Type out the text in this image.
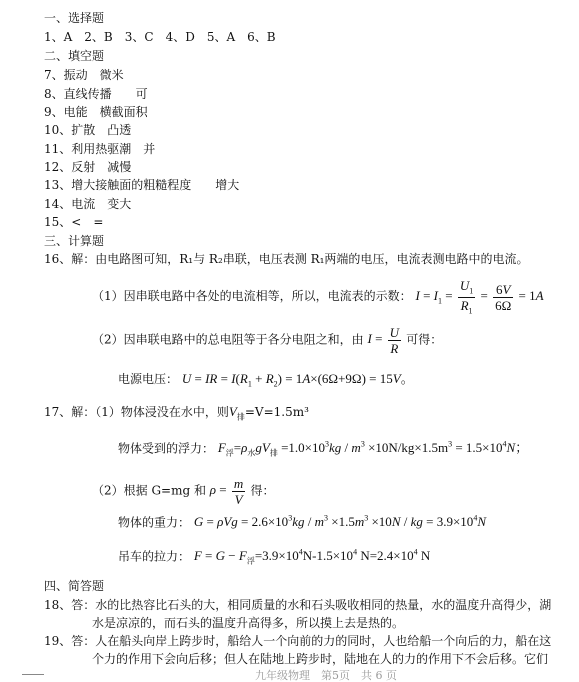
一、选择题
1、A　2、B　3、C　4、D　5、A　6、B
二、填空题
7、振动　微米
8、直线传播　　可
9、电能　横截面积
10、扩散　凸透
11、利用热驱潮　并
12、反射　减慢
13、增大接触面的粗糙程度　　增大
14、电流　变大
15、<　=
三、计算题
16、解：由电路图可知，R₁与 R₂串联，电压表测 R₁两端的电压，电流表测电路中的电流。
（1）因串联电路中各处的电流相等，所以，电流表的示数： $I = I_1 = \frac{U_1}{R_1} = \frac{6V}{6\Omega} = 1A$
（2）因串联电路中的总电阻等于各分电阻之和，由 $I = \frac{U}{R}$ 可得：
电源电压： U = IR = $I(R_1 + R_2) = 1A\times(6\Omega+9\Omega) = 15V$。
17、解：（1）物体浸没在水中，则$V_排=V=1.5m^3$
物体受到的浮力： $F_浮=\rho_水gV_排 =1.0\times 10^3kg / m^3 \times 10N/kg\times 1.5m^3 = 1.5\times 10^4N$；
（2）根据 G=mg 和 $\rho = \frac{m}{V}$ 得：
物体的重力： $G = \rho Vg = 2.6\times 10^3kg / m^3 \times 1.5m^3 \times 10N$ / kg = $3.9\times 10^4N$
吊车的拉力： $F = G - F_浮=3.9\times 10^4N-1.5\times 10^4$ $N=2.4\times 10^4$ N
四、简答题
18、答：水的比热容比石头的大，相同质量的水和石头吸收相同的热量，水的温度升高得少，湖
水是凉凉的，而石头的温度升高得多，所以摸上去是热的。
19、答：人在船头向岸上跨步时，船给人一个向前的力的同时，人也给船一个向后的力，船在这
个力的作用下会向后移；但人在陆地上跨步时，陆地在人的力的作用下不会后移。它们
九年级物理　第5页　共 6 页
